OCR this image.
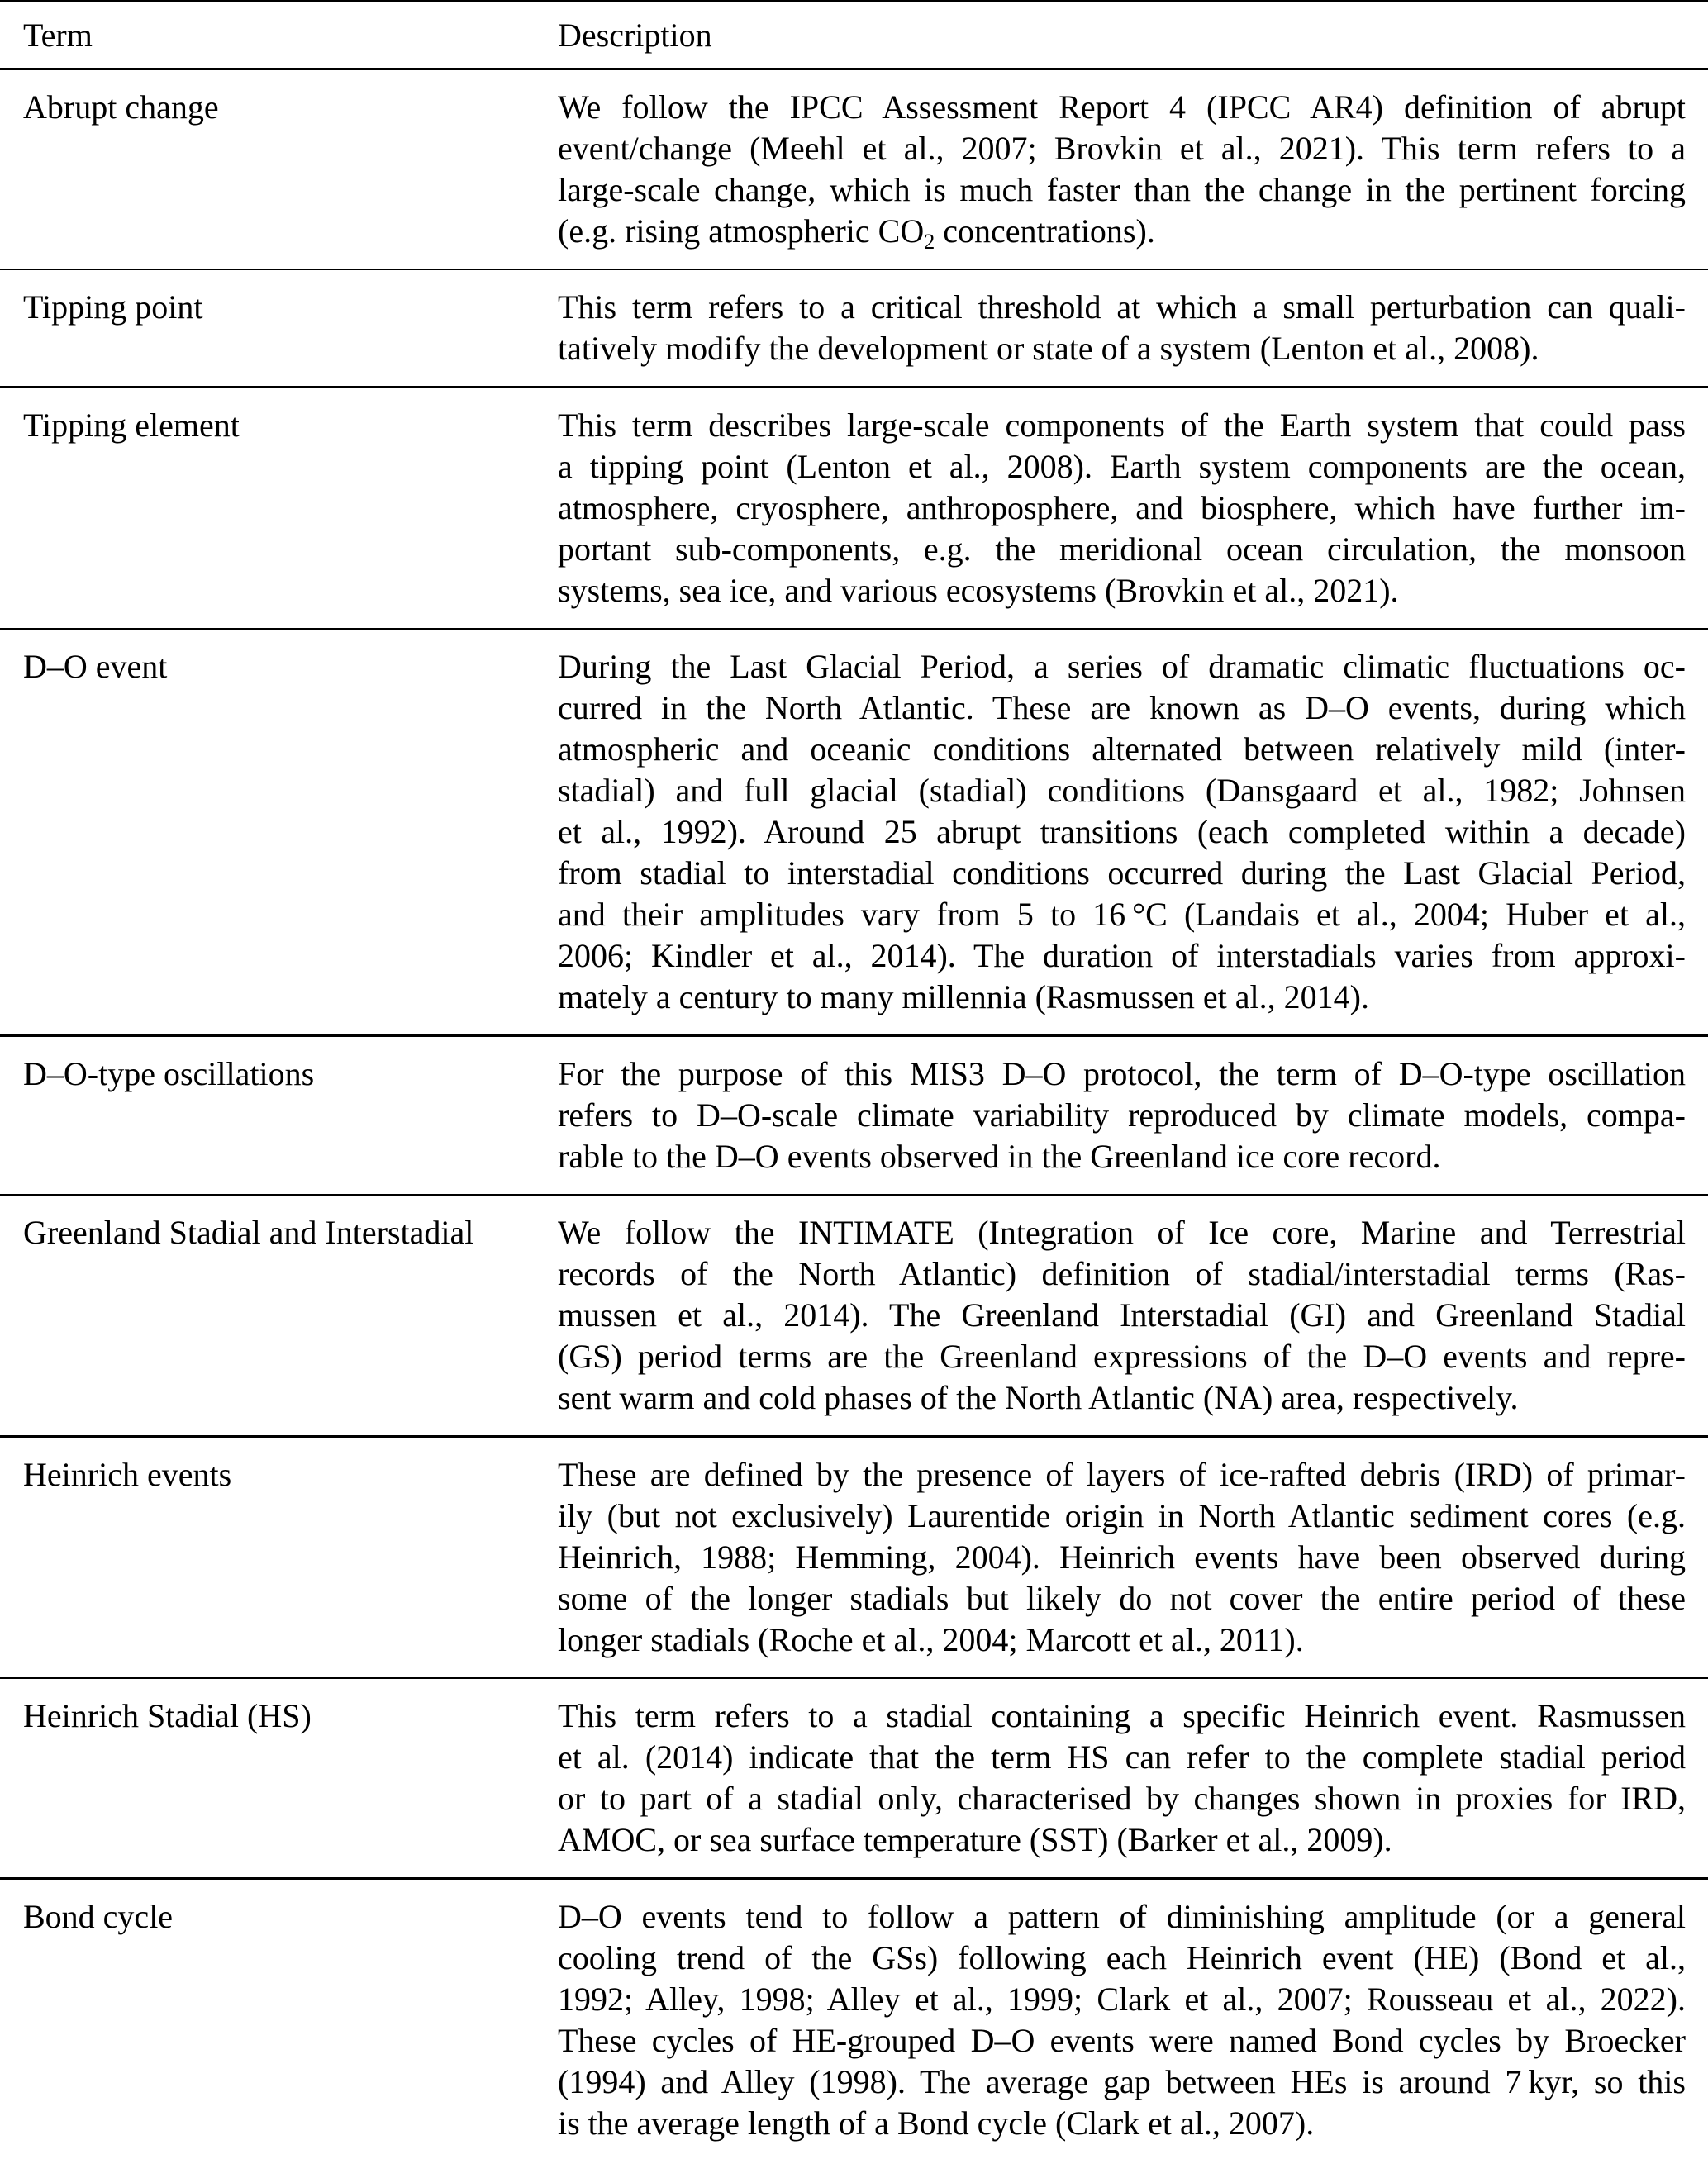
Term	Description
Abrupt change	We follow the IPCC Assessment Report 4 (IPCC AR4) definition of abrupt
event/change (Meehl et al., 2007; Brovkin et al., 2021). This term refers to a
large-scale change, which is much faster than the change in the pertinent forcing
(e.g. rising atmospheric $CO_2$ concentrations).
Tipping point	This term refers to a critical threshold at which a small perturbation can quali-
tatively modify the development or state of a system (Lenton et al., 2008).
Tipping element	This term describes large-scale components of the Earth system that could pass
a tipping point (Lenton et al., 2008). Earth system components are the ocean,
atmosphere, cryosphere, anthroposphere, and biosphere, which have further im-
portant sub-components, e.g. the meridional ocean circulation, the monsoon
systems, sea ice, and various ecosystems (Brovkin et al., 2021).
D–O event	During the Last Glacial Period, a series of dramatic climatic fluctuations oc-
curred in the North Atlantic. These are known as D–O events, during which
atmospheric and oceanic conditions alternated between relatively mild (inter-
stadial) and full glacial (stadial) conditions (Dansgaard et al., 1982; Johnsen
et al., 1992). Around 25 abrupt transitions (each completed within a decade)
from stadial to interstadial conditions occurred during the Last Glacial Period,
and their amplitudes vary from 5 to 16 °C (Landais et al., 2004; Huber et al.,
2006; Kindler et al., 2014). The duration of interstadials varies from approxi-
mately a century to many millennia (Rasmussen et al., 2014).
D–O-type oscillations	For the purpose of this MIS3 D–O protocol, the term of D–O-type oscillation
refers to D–O-scale climate variability reproduced by climate models, compa-
rable to the D–O events observed in the Greenland ice core record.
Greenland Stadial and Interstadial	We follow the INTIMATE (Integration of Ice core, Marine and Terrestrial
records of the North Atlantic) definition of stadial/interstadial terms (Ras-
mussen et al., 2014). The Greenland Interstadial (GI) and Greenland Stadial
(GS) period terms are the Greenland expressions of the D–O events and repre-
sent warm and cold phases of the North Atlantic (NA) area, respectively.
Heinrich events	These are defined by the presence of layers of ice-rafted debris (IRD) of primar-
ily (but not exclusively) Laurentide origin in North Atlantic sediment cores (e.g.
Heinrich, 1988; Hemming, 2004). Heinrich events have been observed during
some of the longer stadials but likely do not cover the entire period of these
longer stadials (Roche et al., 2004; Marcott et al., 2011).
Heinrich Stadial (HS)	This term refers to a stadial containing a specific Heinrich event. Rasmussen
et al. (2014) indicate that the term HS can refer to the complete stadial period
or to part of a stadial only, characterised by changes shown in proxies for IRD,
AMOC, or sea surface temperature (SST) (Barker et al., 2009).
Bond cycle	D–O events tend to follow a pattern of diminishing amplitude (or a general
cooling trend of the GSs) following each Heinrich event (HE) (Bond et al.,
1992; Alley, 1998; Alley et al., 1999; Clark et al., 2007; Rousseau et al., 2022).
These cycles of HE-grouped D–O events were named Bond cycles by Broecker
(1994) and Alley (1998). The average gap between HEs is around 7 kyr, so this
is the average length of a Bond cycle (Clark et al., 2007).
